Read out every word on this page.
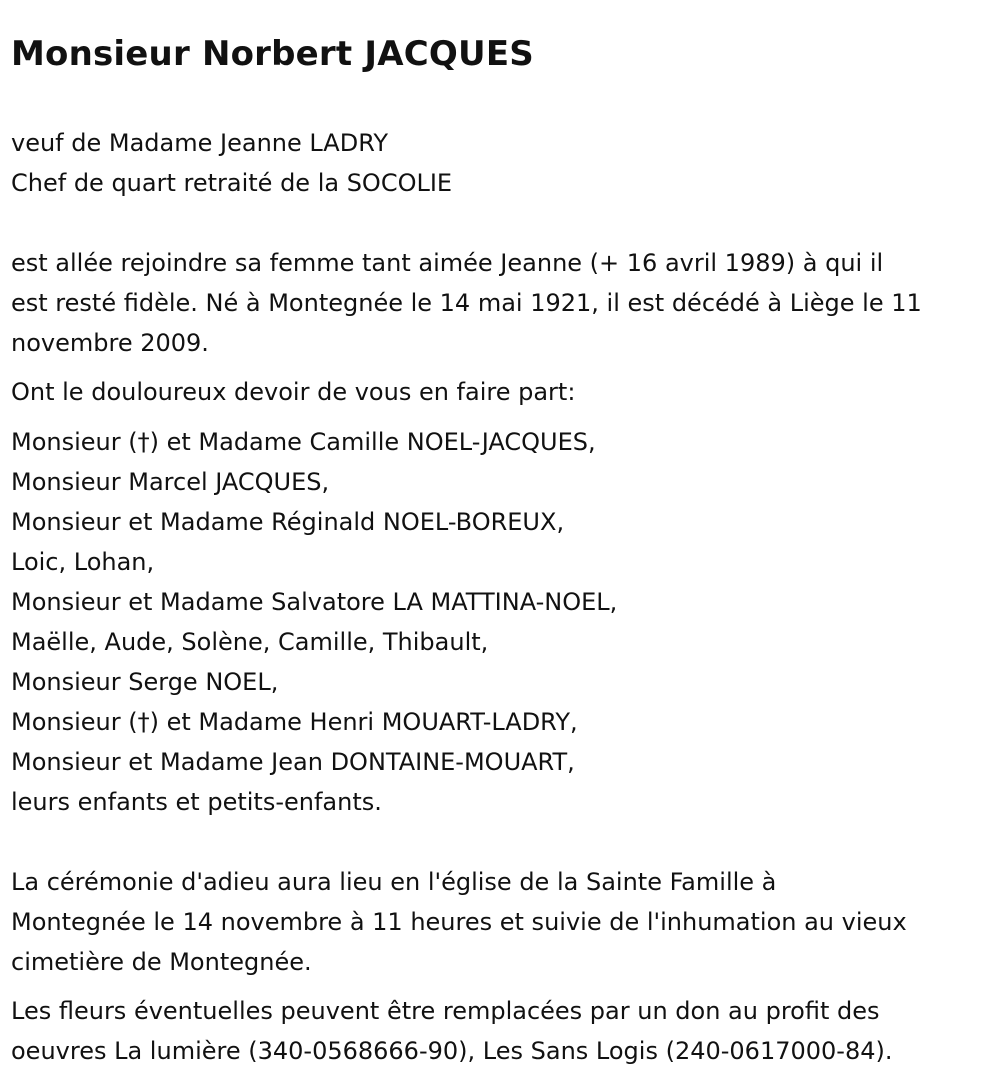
Monsieur Norbert JACQUES
veuf de Madame Jeanne LADRY
Chef de quart retraité de la SOCOLIE
est allée rejoindre sa femme tant aimée Jeanne (+ 16 avril 1989) à qui il
est resté fidèle. Né à Montegnée le 14 mai 1921, il est décédé à Liège le 11
novembre 2009.
Ont le douloureux devoir de vous en faire part:
Monsieur (†) et Madame Camille NOEL-JACQUES,
Monsieur Marcel JACQUES,
Monsieur et Madame Réginald NOEL-BOREUX,
Loic, Lohan,
Monsieur et Madame Salvatore LA MATTINA-NOEL,
Maëlle, Aude, Solène, Camille, Thibault,
Monsieur Serge NOEL,
Monsieur (†) et Madame Henri MOUART-LADRY,
Monsieur et Madame Jean DONTAINE-MOUART,
leurs enfants et petits-enfants.
La cérémonie d'adieu aura lieu en l'église de la Sainte Famille à
Montegnée le 14 novembre à 11 heures et suivie de l'inhumation au vieux
cimetière de Montegnée.
Les fleurs éventuelles peuvent être remplacées par un don au profit des
oeuvres La lumière (340-0568666-90), Les Sans Logis (240-0617000-84).
